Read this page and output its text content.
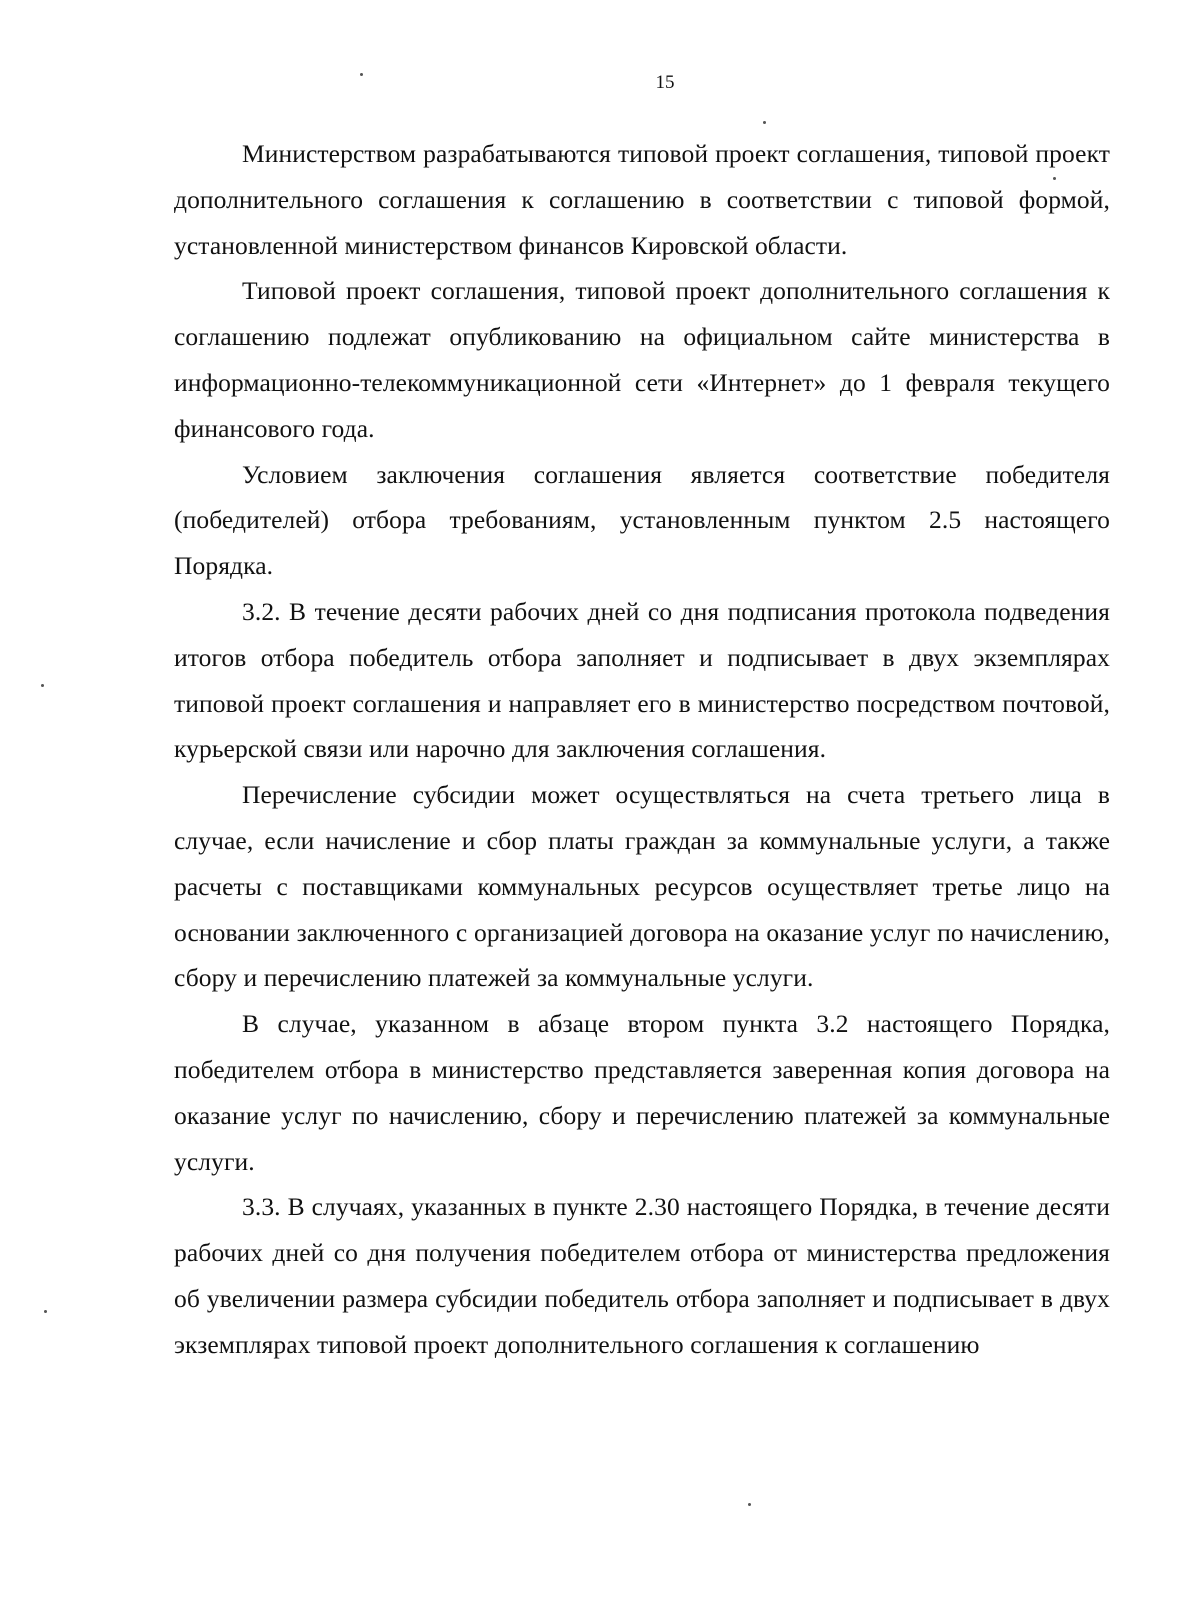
15

Министерством разрабатываются типовой проект соглашения, типовой проект дополнительного соглашения к соглашению в соответствии с типовой формой, установленной министерством финансов Кировской области.

Типовой проект соглашения, типовой проект дополнительного соглашения к соглашению подлежат опубликованию на официальном сайте министерства в информационно-телекоммуникационной сети «Интернет» до 1 февраля текущего финансового года.

Условием заключения соглашения является соответствие победителя (победителей) отбора требованиям, установленным пунктом 2.5 настоящего Порядка.

3.2. В течение десяти рабочих дней со дня подписания протокола подведения итогов отбора победитель отбора заполняет и подписывает в двух экземплярах типовой проект соглашения и направляет его в министерство посредством почтовой, курьерской связи или нарочно для заключения соглашения.

Перечисление субсидии может осуществляться на счета третьего лица в случае, если начисление и сбор платы граждан за коммунальные услуги, а также расчеты с поставщиками коммунальных ресурсов осуществляет третье лицо на основании заключенного с организацией договора на оказание услуг по начислению, сбору и перечислению платежей за коммунальные услуги.

В случае, указанном в абзаце втором пункта 3.2 настоящего Порядка, победителем отбора в министерство представляется заверенная копия договора на оказание услуг по начислению, сбору и перечислению платежей за коммунальные услуги.

3.3. В случаях, указанных в пункте 2.30 настоящего Порядка, в течение десяти рабочих дней со дня получения победителем отбора от министерства предложения об увеличении размера субсидии победитель отбора заполняет и подписывает в двух экземплярах типовой проект дополнительного соглашения к соглашению
